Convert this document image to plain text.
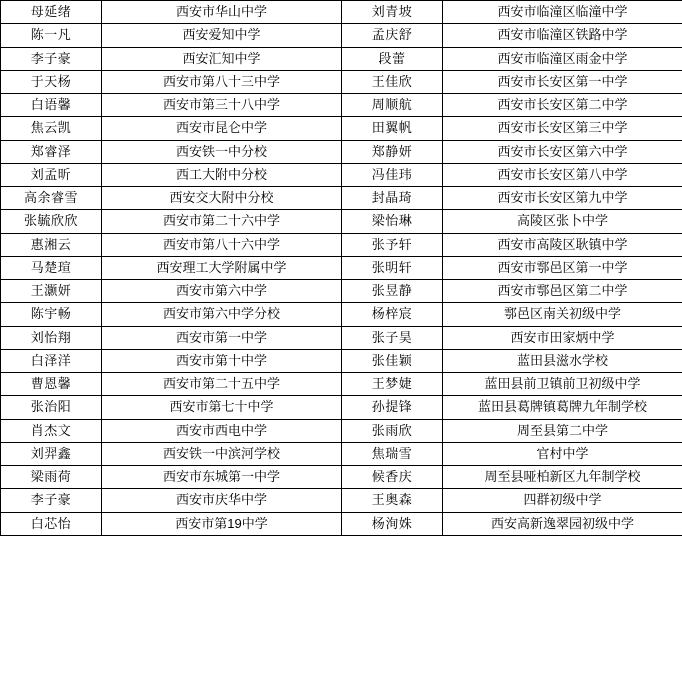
母延绪	西安市华山中学	刘青坡	西安市临潼区临潼中学
陈一凡	西安爱知中学	孟庆舒	西安市临潼区铁路中学
李子豪	西安汇知中学	段蕾	西安市临潼区雨金中学
于天杨	西安市第八十三中学	王佳欣	西安市长安区第一中学
白语馨	西安市第三十八中学	周顺航	西安市长安区第二中学
焦云凯	西安市昆仑中学	田翼帆	西安市长安区第三中学
郑睿泽	西安铁一中分校	郑静妍	西安市长安区第六中学
刘孟昕	西工大附中分校	冯佳玮	西安市长安区第八中学
高余睿雪	西安交大附中分校	封晶琦	西安市长安区第九中学
张毓欣欣	西安市第二十六中学	梁怡琳	高陵区张卜中学
惠湘云	西安市第八十六中学	张予轩	西安市高陵区耿镇中学
马楚瑄	西安理工大学附属中学	张明轩	西安市鄠邑区第一中学
王灏妍	西安市第六中学	张昱静	西安市鄠邑区第二中学
陈宇畅	西安市第六中学分校	杨梓宸	鄠邑区南关初级中学
刘怡翔	西安市第一中学	张子昊	西安市田家炳中学
白泽洋	西安市第十中学	张佳颖	蓝田县滋水学校
曹恩馨	西安市第二十五中学	王梦婕	蓝田县前卫镇前卫初级中学
张治阳	西安市第七十中学	孙提锋	蓝田县葛牌镇葛牌九年制学校
肖杰文	西安市西电中学	张雨欣	周至县第二中学
刘羿鑫	西安铁一中滨河学校	焦瑞雪	官村中学
梁雨荷	西安市东城第一中学	候香庆	周至县哑柏新区九年制学校
李子豪	西安市庆华中学	王奥森	四群初级中学
白芯怡	西安市第19中学	杨洵姝	西安高新逸翠园初级中学
